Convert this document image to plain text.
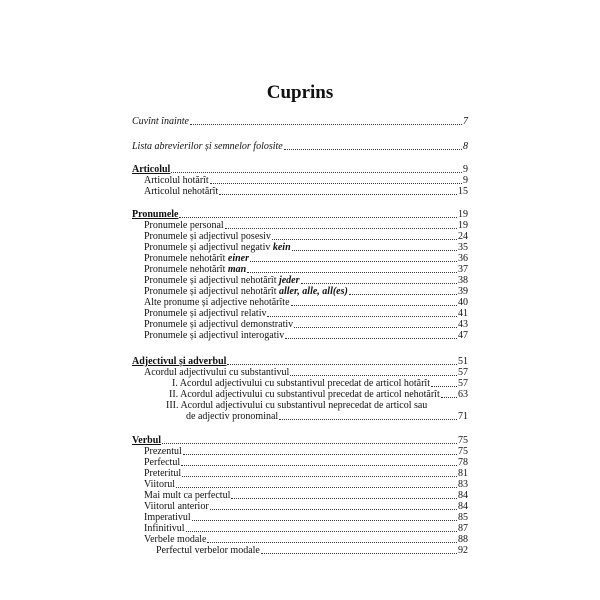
Cuprins
Cuvînt înainte	7
Lista abrevierilor și semnelor folosite	8
Articolul	9
Articolul hotărît	9
Articolul nehotărît	15
Pronumele	19
Pronumele personal	19
Pronumele și adjectivul posesiv	24
Pronumele și adjectivul negativ kein	35
Pronumele nehotărît einer	36
Pronumele nehotărît man	37
Pronumele și adjectivul nehotărît jeder	38
Pronumele și adjectivul nehotărît aller, alle, all(es)	39
Alte pronume și adjective nehotărîte	40
Pronumele și adjectivul relativ	41
Pronumele și adjectivul demonstrativ	43
Pronumele și adjectivul interogativ	47
Adjectivul și adverbul	51
Acordul adjectivului cu substantivul	57
I. Acordul adjectivului cu substantivul precedat de articol hotărît	57
II. Acordul adjectivului cu substantivul precedat de articol nehotărît 63
III. Acordul adjectivului cu substantivul neprecedat de articol sau
de adjectiv pronominal	71
Verbul	75
Prezentul	75
Perfectul	78
Preteritul	81
Viitorul	83
Mai mult ca perfectul	84
Viitorul anterior	84
Imperativul	85
Infinitivul	87
Verbele modale	88
Perfectul verbelor modale	92
